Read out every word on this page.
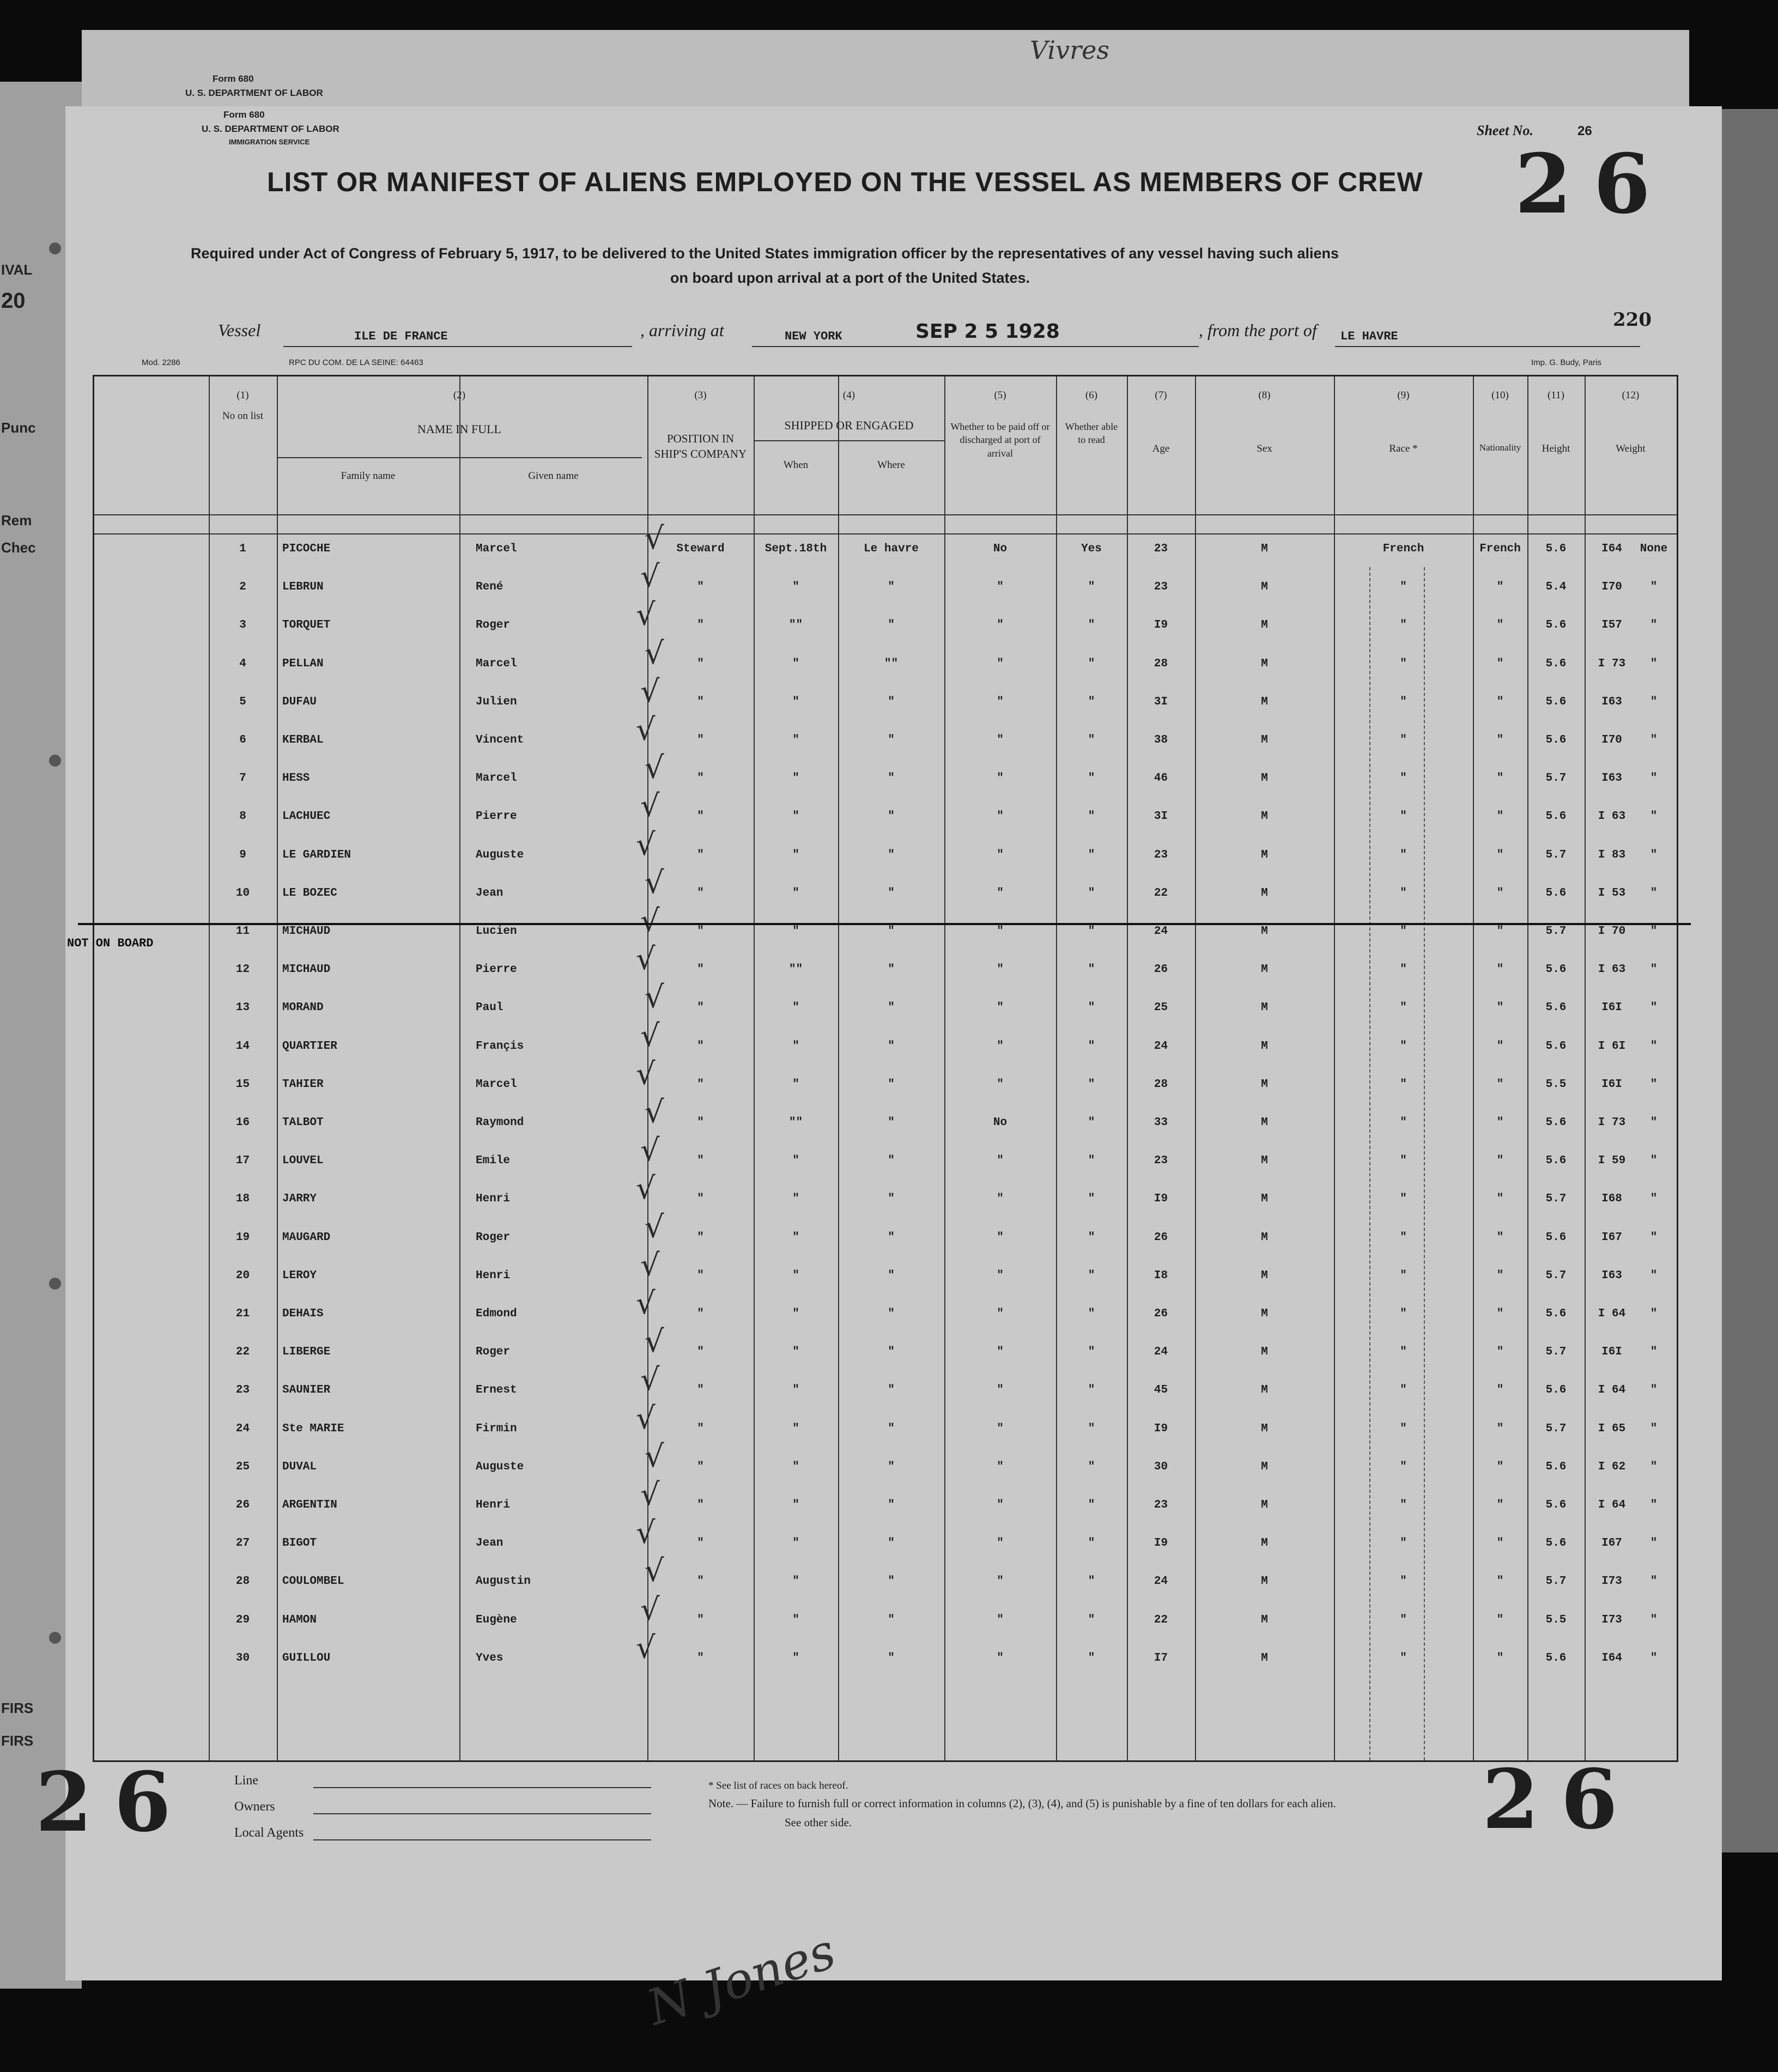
Form 680
U. S. DEPARTMENT OF LABOR
Vivres
IVAL
20
Punc
Rem
Chec
FIRS
FIRS
Form 680
U. S. DEPARTMENT OF LABOR
IMMIGRATION SERVICE
Sheet No.	26
LIST OR MANIFEST OF ALIENS EMPLOYED ON THE VESSEL AS MEMBERS OF CREW 26
Required under Act of Congress of February 5, 1917, to be delivered to the United States immigration officer by the representatives of any vessel having such aliens
on board upon arrival at a port of the United States.
Vessel	ILE DE FRANCE	, arriving at	NEW YORK	SEP 2 5 1928	, from the port of LE HAVRE
220
Mod. 2286	RPC DU COM. DE LA SEINE: 64463	Imp. G. Budy, Paris
(1)
No on list
(2)
NAME IN FULL
Family name	Given name
(3)
POSITION IN SHIP'S COMPANY
(4)
SHIPPED OR ENGAGED
When	Where
(5)
Whether to be paid off or discharged at port of arrival
(6)
Whether able to read
(7)
Age
(8)
Sex
(9)
Race *
(10)
Nationality
(11)
Height
(12)
Weight
1	PICOCHE	Marcel	Steward	Sept.18th	Le havre	No	Yes	23	M	French	French	5.6	I64	None
√
2	LEBRUN	René	"	"	"	"	"	23	M	"	"	5.4	I70	"
√
3	TORQUET	Roger	"	""	"	"	"	I9	M	"	"	5.6	I57	"
√
4	PELLAN	Marcel	"	"	""	"	"	28	M	"	"	5.6	I 73	"
√
5	DUFAU	Julien	"	"	"	"	"	3I	M	"	"	5.6	I63	"
√
6	KERBAL	Vincent	"	"	"	"	"	38	M	"	"	5.6	I70	"
√
7	HESS	Marcel	"	"	"	"	"	46	M	"	"	5.7	I63	"
√
8	LACHUEC	Pierre	"	"	"	"	"	3I	M	"	"	5.6	I 63	"
√
9	LE GARDIEN	Auguste	"	"	"	"	"	23	M	"	"	5.7	I 83	"
√
10	LE BOZEC	Jean	"	"	"	"	"	22	M	"	"	5.6	I 53	"
√
11	MICHAUD	Lucien	"	"	"	"	"	24	M	"	"	5.7	I 70	"
√
12	MICHAUD	Pierre	"	""	"	"	"	26	M	"	"	5.6	I 63	"
√
13	MORAND	Paul	"	"	"	"	"	25	M	"	"	5.6	I6I	"
√
14	QUARTIER	Françis	"	"	"	"	"	24	M	"	"	5.6	I 6I	"
√
15	TAHIER	Marcel	"	"	"	"	"	28	M	"	"	5.5	I6I	"
√
16	TALBOT	Raymond	"	""	"	No	"	33	M	"	"	5.6	I 73	"
√
17	LOUVEL	Emile	"	"	"	"	"	23	M	"	"	5.6	I 59	"
√
18	JARRY	Henri	"	"	"	"	"	I9	M	"	"	5.7	I68	"
√
19	MAUGARD	Roger	"	"	"	"	"	26	M	"	"	5.6	I67	"
√
20	LEROY	Henri	"	"	"	"	"	I8	M	"	"	5.7	I63	"
√
21	DEHAIS	Edmond	"	"	"	"	"	26	M	"	"	5.6	I 64	"
√
22	LIBERGE	Roger	"	"	"	"	"	24	M	"	"	5.7	I6I	"
√
23	SAUNIER	Ernest	"	"	"	"	"	45	M	"	"	5.6	I 64	"
√
24	Ste MARIE	Firmin	"	"	"	"	"	I9	M	"	"	5.7	I 65	"
√
25	DUVAL	Auguste	"	"	"	"	"	30	M	"	"	5.6	I 62	"
√
26	ARGENTIN	Henri	"	"	"	"	"	23	M	"	"	5.6	I 64	"
√
27	BIGOT	Jean	"	"	"	"	"	I9	M	"	"	5.6	I67	"
√
28	COULOMBEL	Augustin	"	"	"	"	"	24	M	"	"	5.7	I73	"
√
29	HAMON	Eugène	"	"	"	"	"	22	M	"	"	5.5	I73	"
√
30	GUILLOU	Yves	"	"	"	"	"	I7	M	"	"	5.6	I64	"
√
NOT ON BOARD
N Jones
Line
Owners
Local Agents
* See list of races on back hereof.
Note. — Failure to furnish full or correct information in columns (2), (3), (4), and (5) is punishable by a fine of ten dollars for each alien.
See other side.
26	26
